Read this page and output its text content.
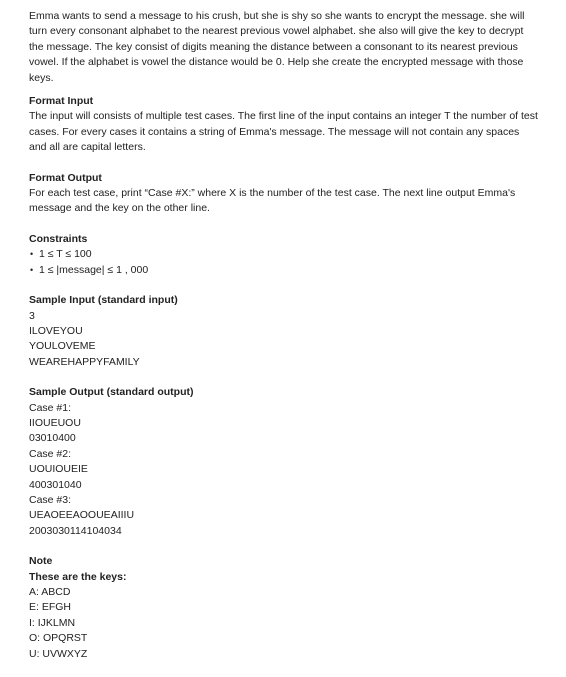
Emma wants to send a message to his crush, but she is shy so she wants to encrypt the message. she will turn every consonant alphabet to the nearest previous vowel alphabet. she also will give the key to decrypt the message. The key consist of digits meaning the distance between a consonant to its nearest previous vowel. If the alphabet is vowel the distance would be 0. Help she create the encrypted message with those keys.

Format Input

The input will consists of multiple test cases. The first line of the input contains an integer T the number of test cases. For every cases it contains a string of Emma's message. The message will not contain any spaces and all are capital letters.

Format Output

For each test case, print “Case #X:” where X is the number of the test case. The next line output Emma's message and the key on the other line.

Constraints

• 1 ≤ T ≤ 100
• 1 ≤ |message| ≤ 1 , 000

Sample Input (standard input)

3
ILOVEYOU
YOULOVEME
WEAREHAPPYFAMILY

Sample Output (standard output)

Case #1:
IIOUEUOU
03010400
Case #2:
UOUIOUEIE
400301040
Case #3:
UEAOEEAOOUEAIIIU
2003030114104034

Note

These are the keys:

A: ABCD
E: EFGH
I: IJKLMN
O: OPQRST
U: UVWXYZ
